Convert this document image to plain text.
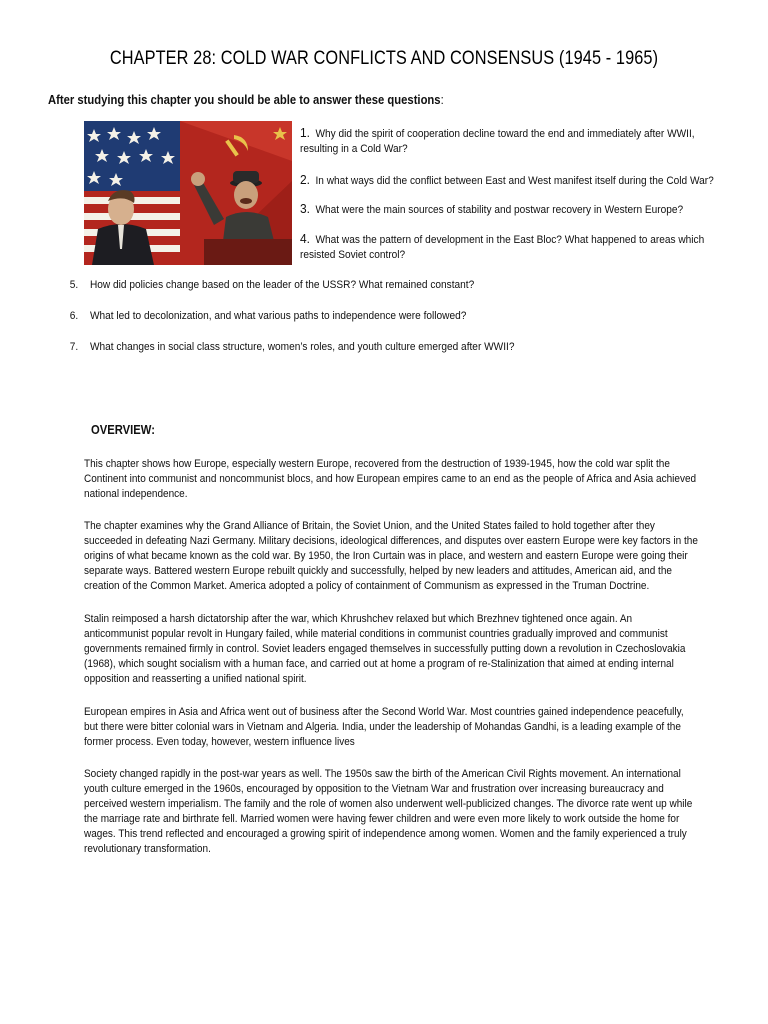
CHAPTER 28: COLD WAR CONFLICTS AND CONSENSUS (1945 - 1965)
After studying this chapter you should be able to answer these questions:
1. Why did the spirit of cooperation decline toward the end and immediately after WWII, resulting in a Cold War?
2. In what ways did the conflict between East and West manifest itself during the Cold War?
3. What were the main sources of stability and postwar recovery in Western Europe?
4. What was the pattern of development in the East Bloc? What happened to areas which resisted Soviet control?
5. How did policies change based on the leader of the USSR? What remained constant?
6. What led to decolonization, and what various paths to independence were followed?
7. What changes in social class structure, women’s roles, and youth culture emerged after WWII?
OVERVIEW:
This chapter shows how Europe, especially western Europe, recovered from the destruction of 1939-1945, how the cold war split the Continent into communist and noncommunist blocs, and how European empires came to an end as the people of Africa and Asia achieved national independence.
The chapter examines why the Grand Alliance of Britain, the Soviet Union, and the United States failed to hold together after they succeeded in defeating Nazi Germany. Military decisions, ideological differences, and disputes over eastern Europe were key factors in the origins of what became known as the cold war. By 1950, the Iron Curtain was in place, and western and eastern Europe were going their separate ways. Battered western Europe rebuilt quickly and successfully, helped by new leaders and attitudes, American aid, and the creation of the Common Market. America adopted a policy of containment of Communism as expressed in the Truman Doctrine.
Stalin reimposed a harsh dictatorship after the war, which Khrushchev relaxed but which Brezhnev tightened once again. An anticommunist popular revolt in Hungary failed, while material conditions in communist countries gradually improved and communist governments remained firmly in control. Soviet leaders engaged themselves in successfully putting down a revolution in Czechoslovakia (1968), which sought socialism with a human face, and carried out at home a program of re-Stalinization that aimed at ending internal opposition and reasserting a unified national spirit.
European empires in Asia and Africa went out of business after the Second World War. Most countries gained independence peacefully, but there were bitter colonial wars in Vietnam and Algeria. India, under the leadership of Mohandas Gandhi, is a leading example of the former process. Even today, however, western influence lives
Society changed rapidly in the post-war years as well. The 1950s saw the birth of the American Civil Rights movement. An international youth culture emerged in the 1960s, encouraged by opposition to the Vietnam War and frustration over increasing bureaucracy and perceived western imperialism. The family and the role of women also underwent well-publicized changes. The divorce rate went up while the marriage rate and birthrate fell. Married women were having fewer children and were even more likely to work outside the home for wages. This trend reflected and encouraged a growing spirit of independence among women. Women and the family experienced a truly revolutionary transformation.
